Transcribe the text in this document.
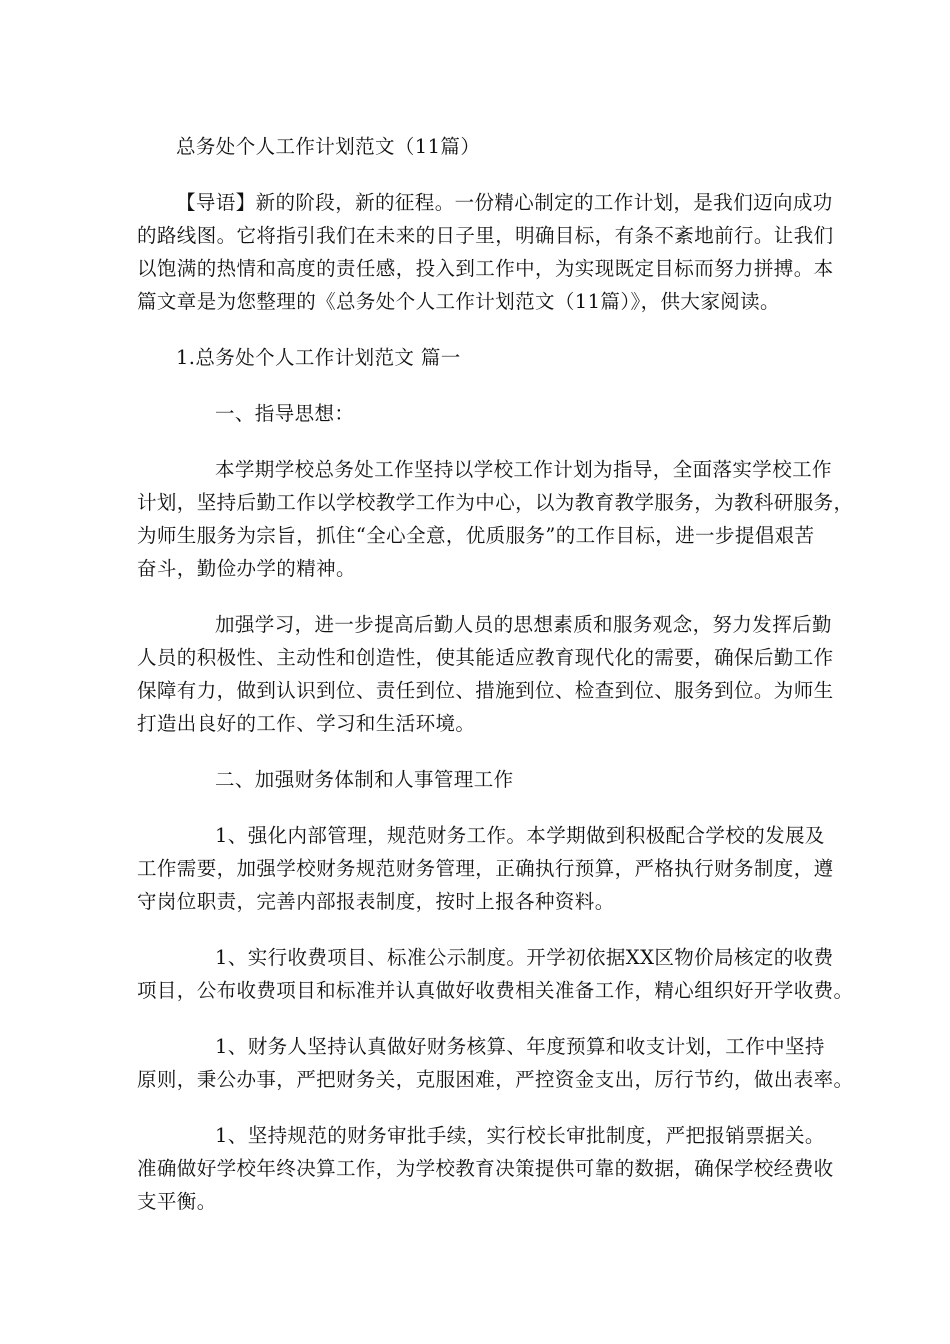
总务处个人工作计划范文（11篇）
【导语】新的阶段，新的征程。一份精心制定的工作计划，是我们迈向成功
的路线图。它将指引我们在未来的日子里，明确目标，有条不紊地前行。让我们
以饱满的热情和高度的责任感，投入到工作中，为实现既定目标而努力拼搏。本
篇文章是为您整理的《总务处个人工作计划范文（11篇）》，供大家阅读。
1.总务处个人工作计划范文 篇一
一、指导思想：
本学期学校总务处工作坚持以学校工作计划为指导，全面落实学校工作
计划，坚持后勤工作以学校教学工作为中心，以为教育教学服务，为教科研服务，
为师生服务为宗旨，抓住“全心全意，优质服务”的工作目标，进一步提倡艰苦
奋斗，勤俭办学的精神。
加强学习，进一步提高后勤人员的思想素质和服务观念，努力发挥后勤
人员的积极性、主动性和创造性，使其能适应教育现代化的需要，确保后勤工作
保障有力，做到认识到位、责任到位、措施到位、检查到位、服务到位。为师生
打造出良好的工作、学习和生活环境。
二、加强财务体制和人事管理工作
1、强化内部管理，规范财务工作。本学期做到积极配合学校的发展及
工作需要，加强学校财务规范财务管理，正确执行预算，严格执行财务制度，遵
守岗位职责，完善内部报表制度，按时上报各种资料。
1、实行收费项目、标准公示制度。开学初依据XX区物价局核定的收费
项目，公布收费项目和标准并认真做好收费相关准备工作，精心组织好开学收费。
1、财务人坚持认真做好财务核算、年度预算和收支计划，工作中坚持
原则，秉公办事，严把财务关，克服困难，严控资金支出，厉行节约，做出表率。
1、坚持规范的财务审批手续，实行校长审批制度，严把报销票据关。
准确做好学校年终决算工作，为学校教育决策提供可靠的数据，确保学校经费收
支平衡。
